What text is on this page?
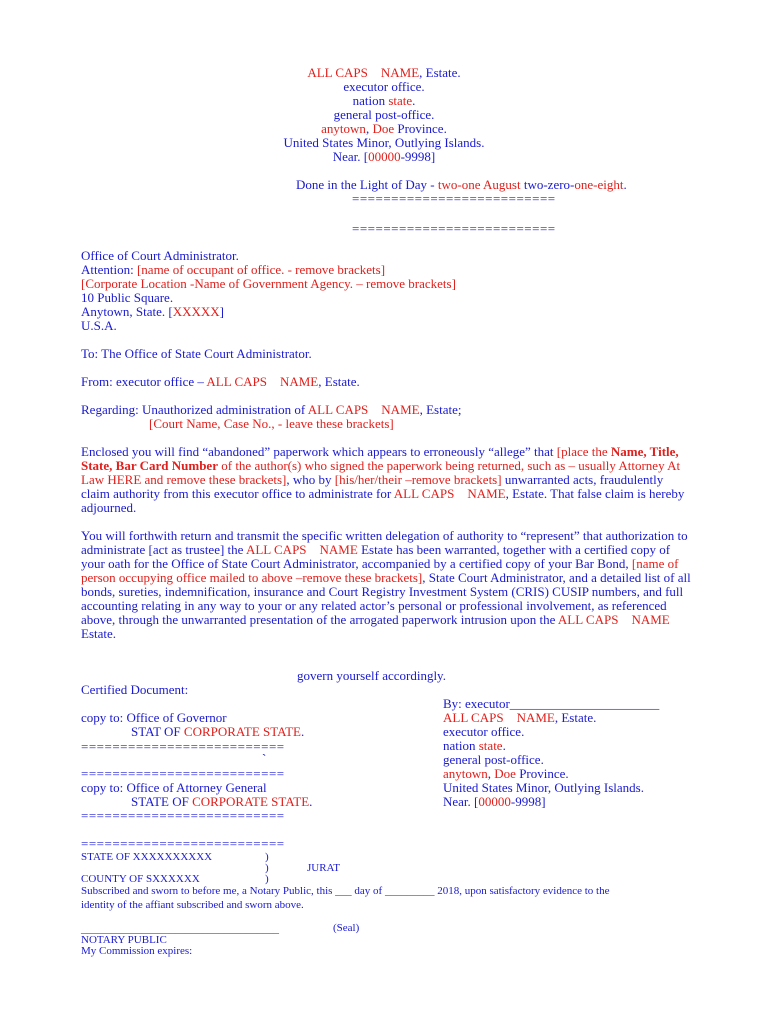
ALL CAPS NAME, Estate.
executor office.
nation state.
general post-office.
anytown, Doe Province.
United States Minor, Outlying Islands.
Near. [00000-9998]
Done in the Light of Day - two-one August two-zero-one-eight.
==========================
==========================
Office of Court Administrator.
Attention: [name of occupant of office. - remove brackets]
[Corporate Location -Name of Government Agency. – remove brackets]
10 Public Square.
Anytown, State. [XXXXX]
U.S.A.
To: The Office of State Court Administrator.
From: executor office – ALL CAPS NAME, Estate.
Regarding: Unauthorized administration of ALL CAPS NAME, Estate;
[Court Name, Case No., - leave these brackets]
Enclosed you will find “abandoned” paperwork which appears to erroneously “allege” that [place the Name, Title, State, Bar Card Number of the author(s) who signed the paperwork being returned, such as – usually Attorney At Law HERE and remove these brackets], who by [his/her/their –remove brackets] unwarranted acts, fraudulently claim authority from this executor office to administrate for ALL CAPS NAME, Estate. That false claim is hereby adjourned.
You will forthwith return and transmit the specific written delegation of authority to “represent” that authorization to administrate [act as trustee] the ALL CAPS NAME Estate has been warranted, together with a certified copy of your oath for the Office of State Court Administrator, accompanied by a certified copy of your Bar Bond, [name of person occupying office mailed to above –remove these brackets], State Court Administrator, and a detailed list of all bonds, sureties, indemnification, insurance and Court Registry Investment System (CRIS) CUSIP numbers, and full accounting relating in any way to your or any related actor’s personal or professional involvement, as referenced above, through the unwarranted presentation of the arrogated paperwork intrusion upon the ALL CAPS NAME Estate.
govern yourself accordingly.
Certified Document:
copy to: Office of Governor
STAT OF CORPORATE STATE.
==========================
`
==========================
copy to: Office of Attorney General
STATE OF CORPORATE STATE.
==========================
==========================
By: executor_______________________
ALL CAPS NAME, Estate.
executor office.
nation state.
general post-office.
anytown, Doe Province.
United States Minor, Outlying Islands.
Near. [00000-9998]
STATE OF XXXXXXXXXX	)
)	JURAT
COUNTY OF SXXXXXX	)
Subscribed and sworn to before me, a Notary Public, this ___ day of _________ 2018, upon satisfactory evidence to the
identity of the affiant subscribed and sworn above.
____________________________________	(Seal)
NOTARY PUBLIC
My Commission expires:
